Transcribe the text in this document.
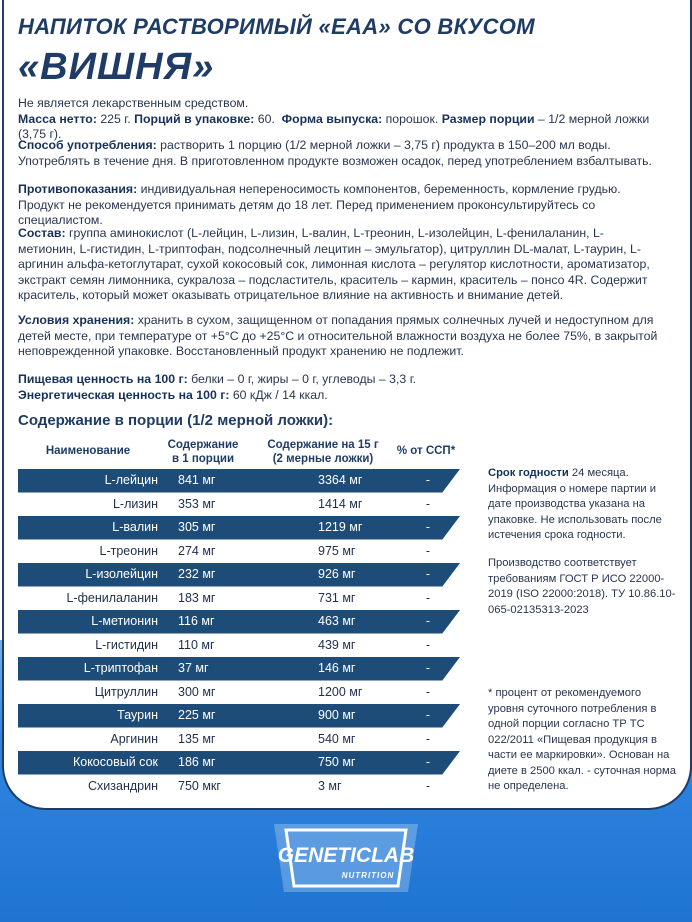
НАПИТОК РАСТВОРИМЫЙ «EAA» СО ВКУСОМ
«ВИШНЯ»
Не является лекарственным средством.
Масса нетто: 225 г. Порций в упаковке: 60. Форма выпуска: порошок. Размер порции – 1/2 мерной ложки (3,75 г).
Способ употребления: растворить 1 порцию (1/2 мерной ложки – 3,75 г) продукта в 150–200 мл воды. Употреблять в течение дня. В приготовленном продукте возможен осадок, перед употреблением взбалтывать.
Противопоказания: индивидуальная непереносимость компонентов, беременность, кормление грудью. Продукт не рекомендуется принимать детям до 18 лет. Перед применением проконсультируйтесь со специалистом.
Состав: группа аминокислот (L-лейцин, L-лизин, L-валин, L-треонин, L-изолейцин, L-фенилаланин, L-метионин, L-гистидин, L-триптофан, подсолнечный лецитин – эмульгатор), цитруллин DL-малат, L-таурин, L-аргинин альфа-кетоглутарат, сухой кокосовый сок, лимонная кислота – регулятор кислотности, ароматизатор, экстракт семян лимонника, сукралоза – подсластитель, краситель – кармин, краситель – понсо 4R. Содержит краситель, который может оказывать отрицательное влияние на активность и внимание детей.
Условия хранения: хранить в сухом, защищенном от попадания прямых солнечных лучей и недоступном для детей месте, при температуре от +5°C до +25°C и относительной влажности воздуха не более 75%, в закрытой неповрежденной упаковке. Восстановленный продукт хранению не подлежит.
Пищевая ценность на 100 г: белки – 0 г, жиры – 0 г, углеводы – 3,3 г.
Энергетическая ценность на 100 г: 60 кДж / 14 ккал.
Содержание в порции (1/2 мерной ложки):
Наименование	Содержание
в 1 порции
Содержание на 15 г
(2 мерные ложки)
% от ССП*
L-лейцин 841 мг	3364 мг	-
L-лизин 353 мг	1414 мг	-
L-валин 305 мг	1219 мг	-
L-треонин 274 мг	975 мг	-
L-изолейцин 232 мг	926 мг	-
L-фенилаланин 183 мг	731 мг	-
L-метионин 116 мг	463 мг	-
L-гистидин 110 мг	439 мг	-
L-триптофан 37 мг	146 мг	-
Цитруллин 300 мг	1200 мг	-
Таурин 225 мг	900 мг	-
Аргинин 135 мг	540 мг	-
Кокосовый сок 186 мг	750 мг	-
Схизандрин 750 мкг	3 мг	-
Срок годности 24 месяца. Информация о номере партии и дате производства указана на упаковке. Не использовать после истечения срока годности.
Производство соответствует требованиям ГОСТ Р ИСО 22000-2019 (ISO 22000:2018). ТУ 10.86.10-065-02135313-2023
* процент от рекомендуемого уровня суточного потребления в одной порции согласно ТР ТС 022/2011 «Пищевая продукция в части ее маркировки». Основан на диете в 2500 ккал. - суточная норма не определена.
GENETICLAB
NUTRITION
